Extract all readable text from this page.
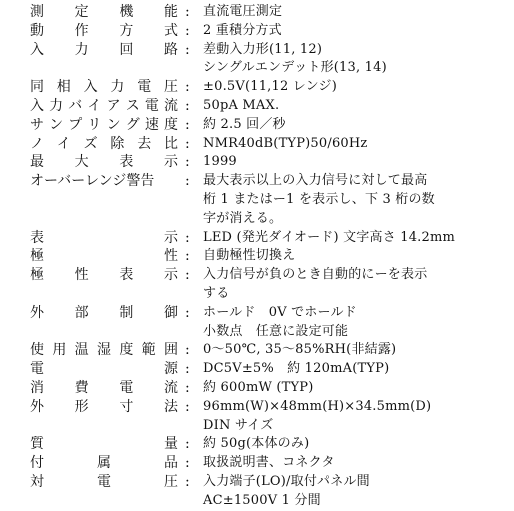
測 定 機 能 : 直流電圧測定
動 作 方 式 : 2 重積分方式
入 力 回 路 : 差動入力形(11, 12)
シングルエンデット形(13, 14)
同 相 入 力 電 圧 : ±0.5V(11,12 レンジ)
入 力 バ イ ア ス 電 流 : 50pA MAX.
サ ン プ リ ン グ 速 度 : 約 2.5 回／秒
ノ イ ズ 除 去 比 : NMR40dB(TYP)50/60Hz
最 大 表 示 : 1999
オーバーレンジ警告	: 最大表示以上の入力信号に対して最高
桁 1 またはー1 を表示し、下 3 桁の数
字が消える。
表	示 : LED (発光ダイオード) 文字高さ 14.2mm
極	性 : 自動極性切換え
極 性 表 示 : 入力信号が負のとき自動的にーを表示
する
外 部 制 御 : ホールド　0V でホールド
小数点　任意に設定可能
使 用 温 湿 度 範 囲 : 0〜50℃, 35〜85%RH(非結露)
電	源 : DC5V±5%　約 120mA(TYP)
消 費 電 流 : 約 600mW (TYP)
外 形 寸 法 : 96mm(W)×48mm(H)×34.5mm(D)
DIN サイズ
質	量 : 約 50g(本体のみ)
付	属	品 : 取扱説明書、コネクタ
対	電	圧 : 入力端子(LO)/取付パネル間
AC±1500V 1 分間
